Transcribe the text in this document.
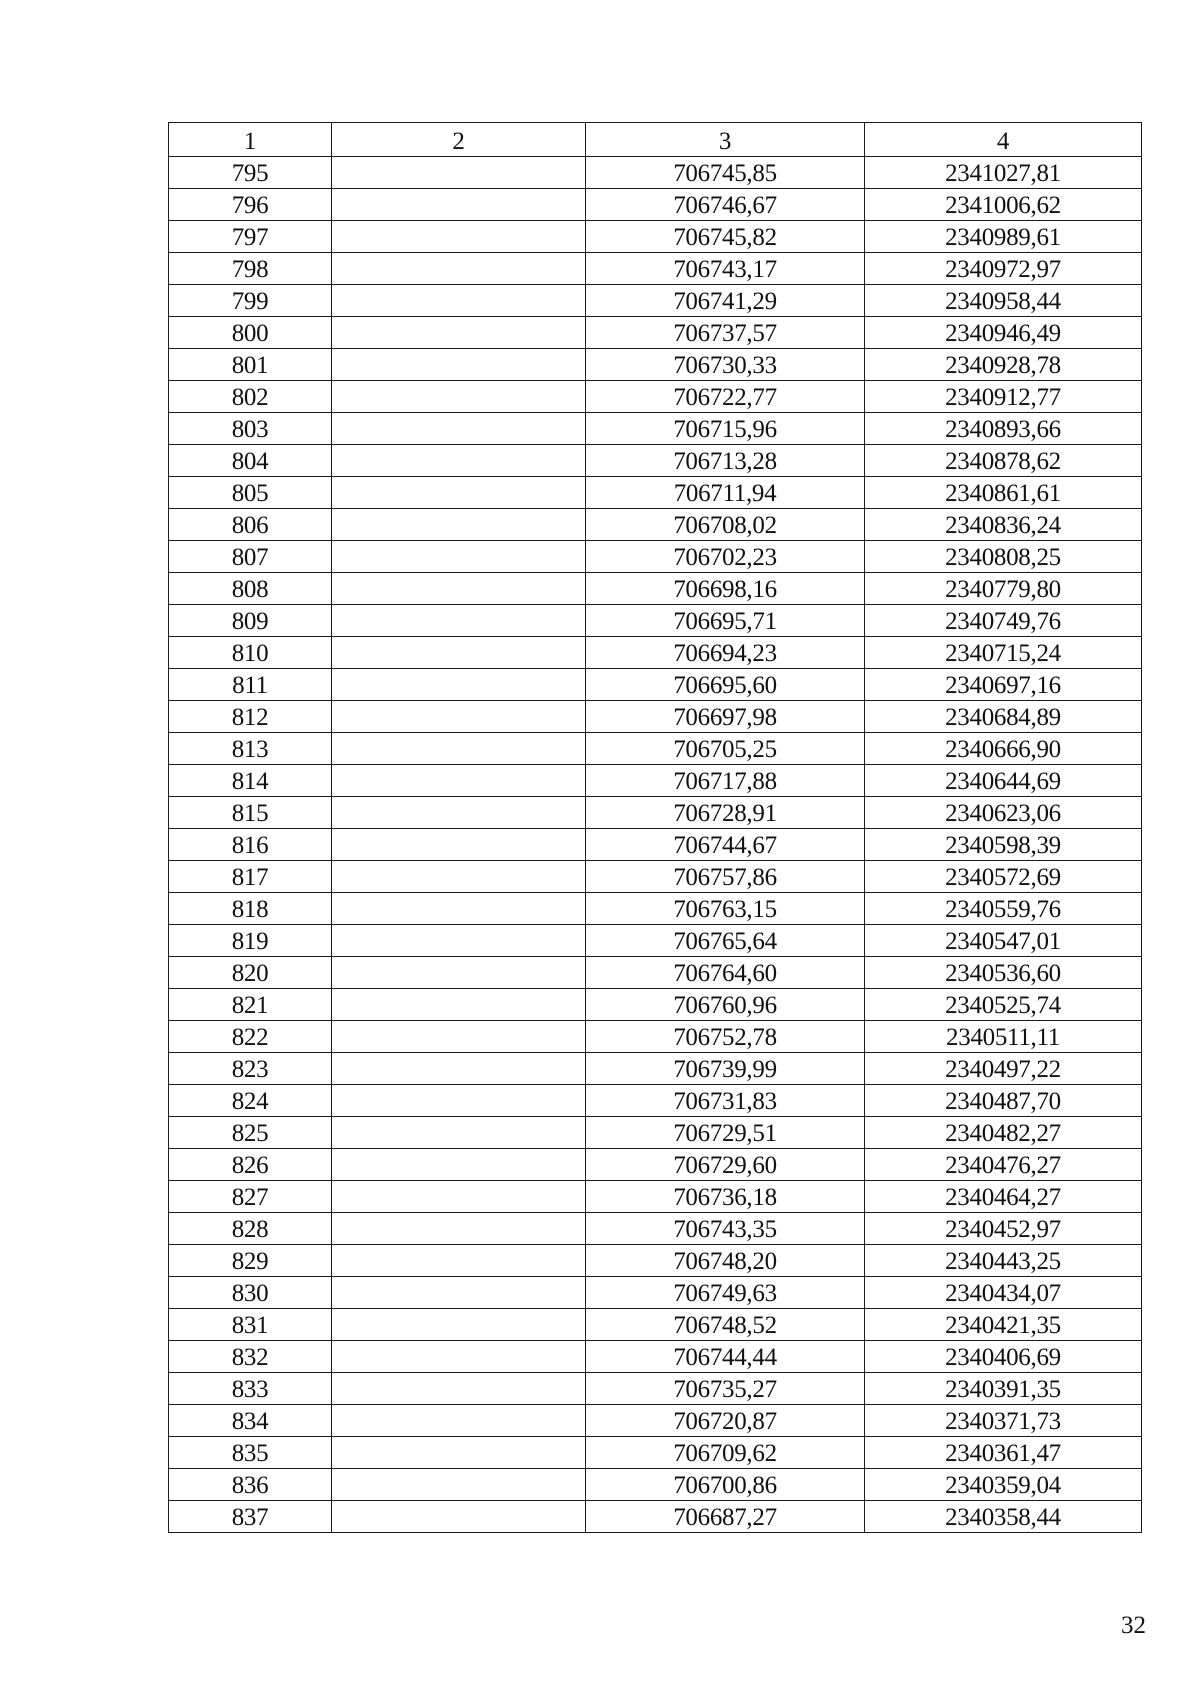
1	2	3	4
795		706745,85	2341027,81
796		706746,67	2341006,62
797		706745,82	2340989,61
798		706743,17	2340972,97
799		706741,29	2340958,44
800		706737,57	2340946,49
801		706730,33	2340928,78
802		706722,77	2340912,77
803		706715,96	2340893,66
804		706713,28	2340878,62
805		706711,94	2340861,61
806		706708,02	2340836,24
807		706702,23	2340808,25
808		706698,16	2340779,80
809		706695,71	2340749,76
810		706694,23	2340715,24
811		706695,60	2340697,16
812		706697,98	2340684,89
813		706705,25	2340666,90
814		706717,88	2340644,69
815		706728,91	2340623,06
816		706744,67	2340598,39
817		706757,86	2340572,69
818		706763,15	2340559,76
819		706765,64	2340547,01
820		706764,60	2340536,60
821		706760,96	2340525,74
822		706752,78	2340511,11
823		706739,99	2340497,22
824		706731,83	2340487,70
825		706729,51	2340482,27
826		706729,60	2340476,27
827		706736,18	2340464,27
828		706743,35	2340452,97
829		706748,20	2340443,25
830		706749,63	2340434,07
831		706748,52	2340421,35
832		706744,44	2340406,69
833		706735,27	2340391,35
834		706720,87	2340371,73
835		706709,62	2340361,47
836		706700,86	2340359,04
837		706687,27	2340358,44
32
